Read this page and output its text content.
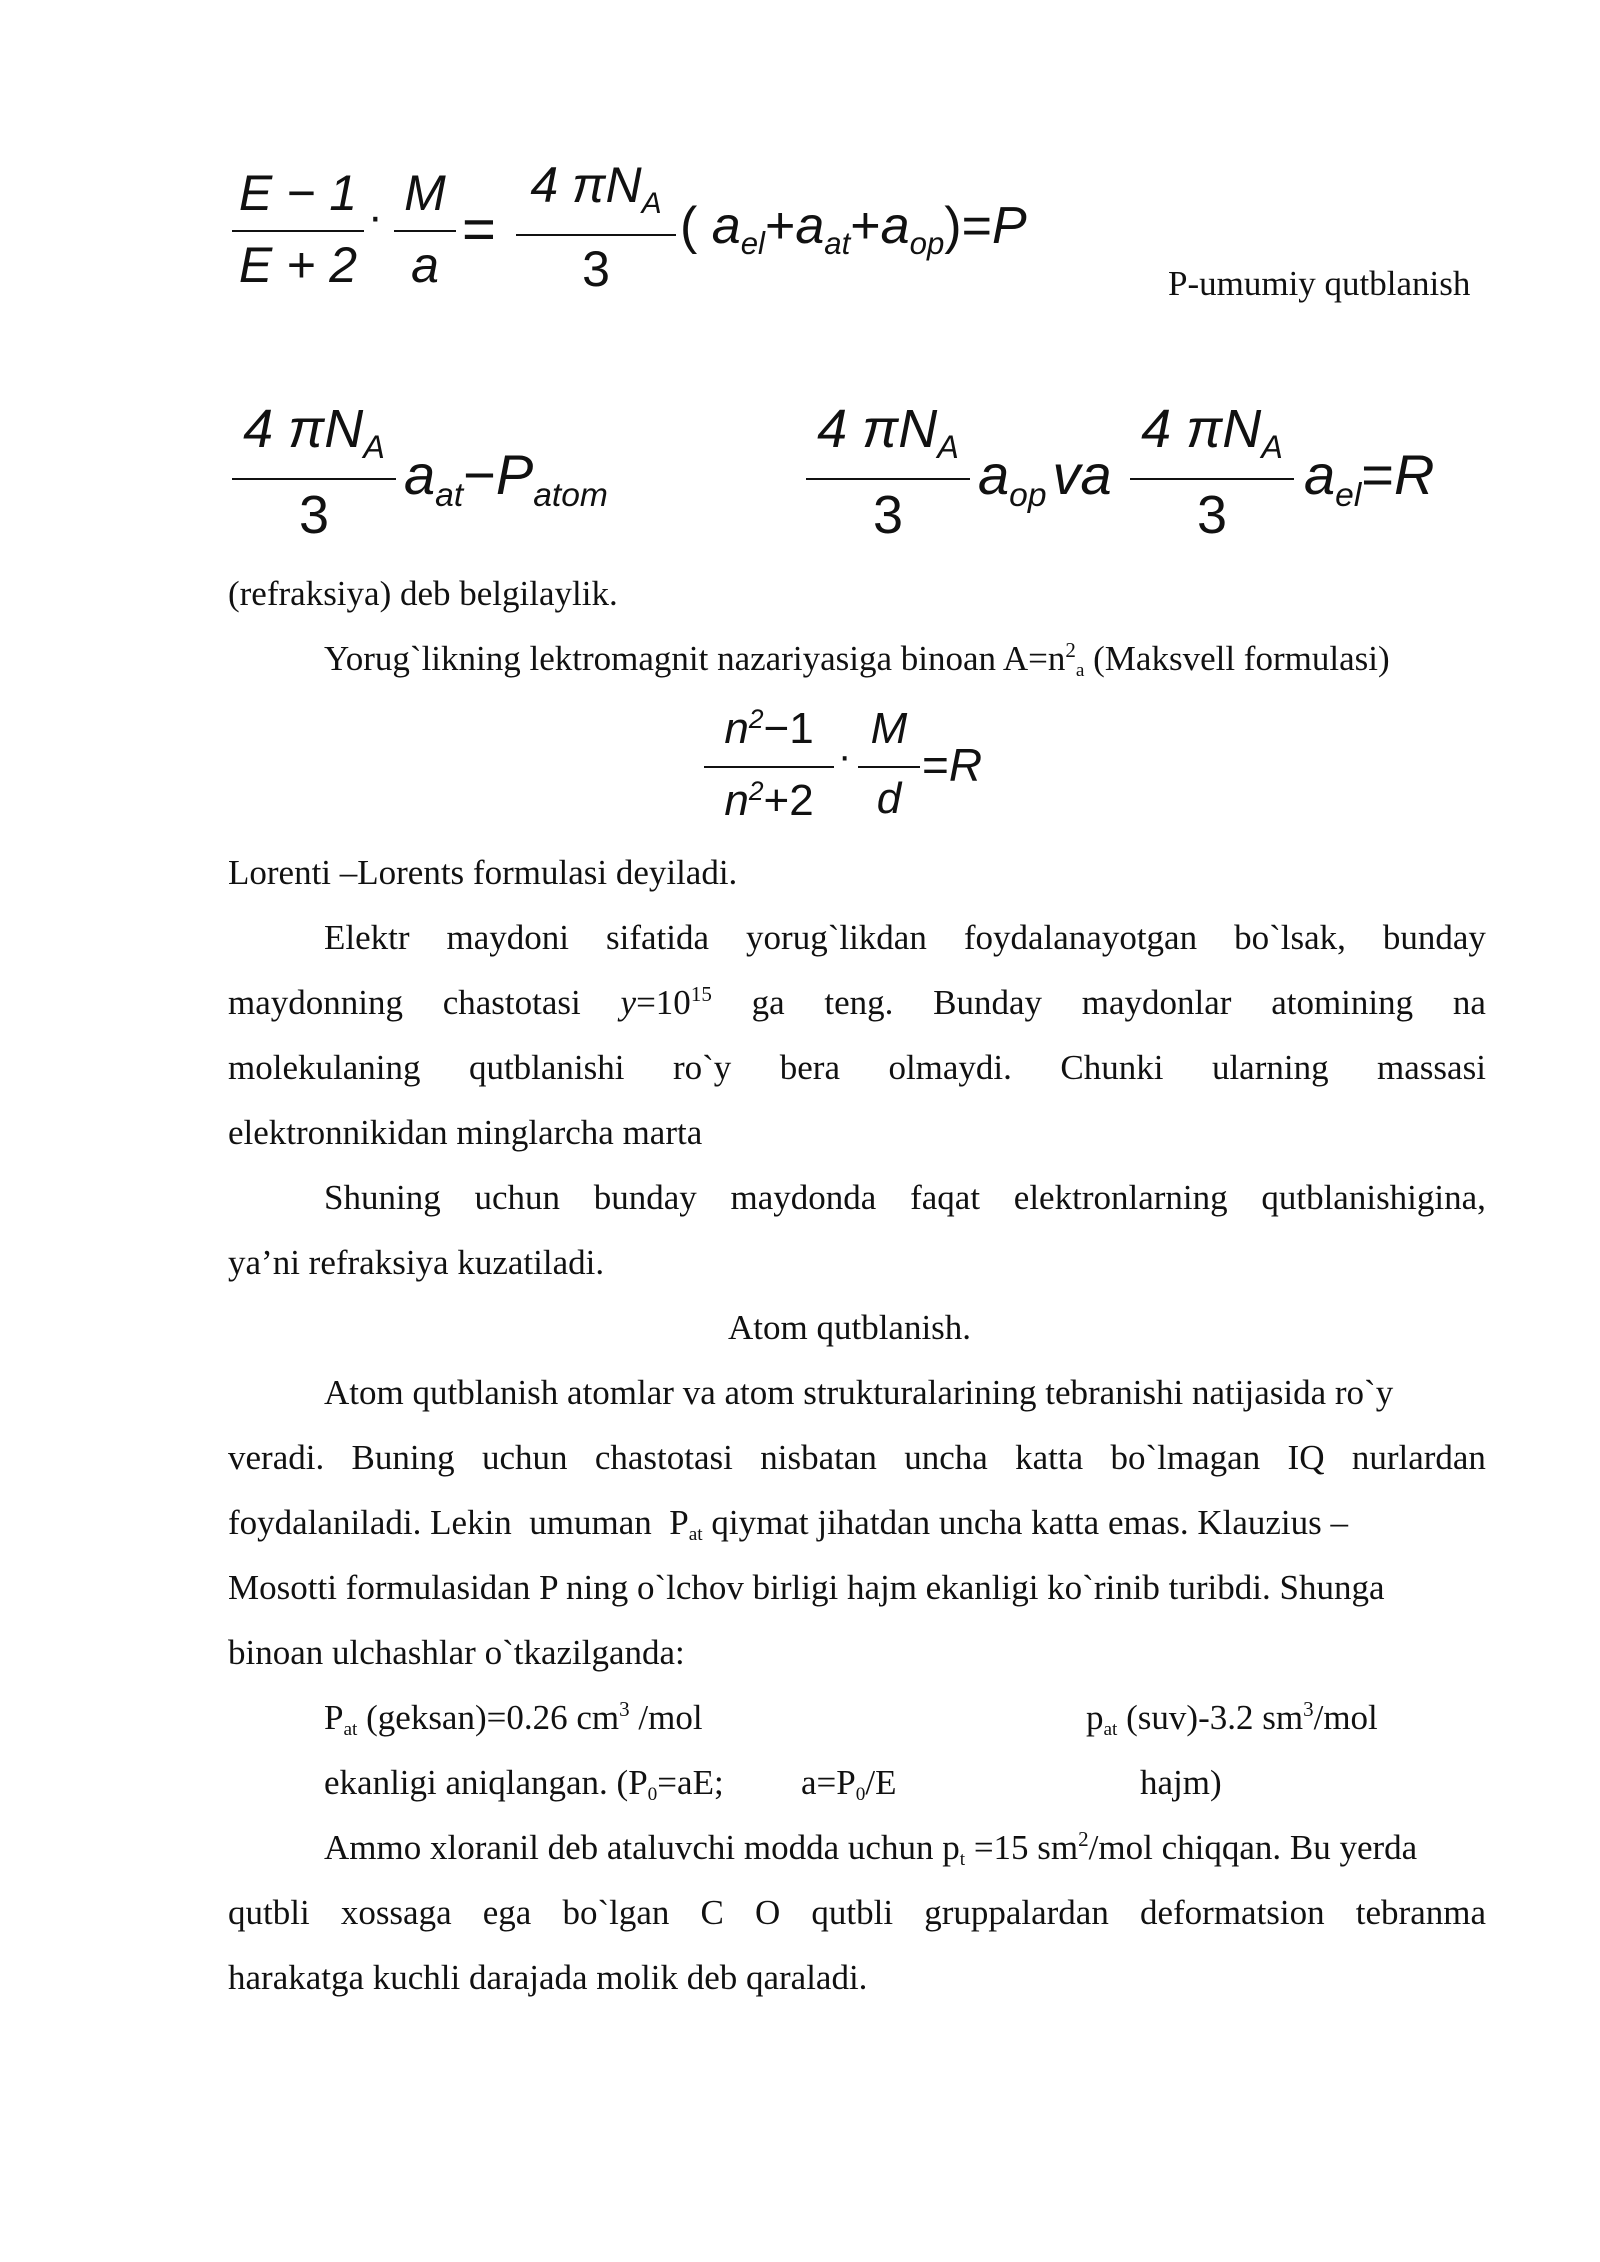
E − 1
E + 2
· M
a
=
4 $\pi N_A$
3
( $a_{el}+a_{at}+a_{op})=P$
P-umumiy qutblanish
4 $\pi N_A$
3
$a_{at}-P_{atom}$
4 $\pi N_A$
3
$a_{op}$ va
4 $\pi N_A$
3
$a_{el}=R$
(refraksiya) deb belgilaylik.
Yorug`likning lektromagnit nazariyasiga binoan $A=n^2a$ (Maksvell formulasi)
$n^2-1$
$n^2+2$
·
M
d
=R
Lorenti –Lorents formulasi deyiladi.
Elektr maydoni sifatida yorug`likdan foydalanayotgan bo`lsak, bunday
maydonning chastotasi $y=10^{15}$ ga teng. Bunday maydonlar atomining na
molekulaning qutblanishi ro`y bera olmaydi. Chunki ularning massasi
elektronnikidan minglarcha marta
Shuning uchun bunday maydonda faqat elektronlarning qutblanishigina,
ya’ni refraksiya kuzatiladi.
Atom qutblanish.
Atom qutblanish atomlar va atom strukturalarining tebranishi natijasida ro`y
veradi. Buning uchun chastotasi nisbatan uncha katta bo`lmagan IQ nurlardan
foydalaniladi. Lekin  umuman  Pat qiymat jihatdan uncha katta emas. Klauzius –
Mosotti formulasidan P ning o`lchov birligi hajm ekanligi ko`rinib turibdi. Shunga
binoan ulchashlar o`tkazilganda:
Pat (geksan)=0.26 $cm^3$ /mol	pat (suv)-3.2 $sm^3$/mol
ekanligi aniqlangan. (P0=aE; a=P0/E	hajm)
Ammo xloranil deb ataluvchi modda uchun pt =15 $sm^2$/mol chiqqan. Bu yerda
qutbli xossaga ega bo`lgan C O qutbli gruppalardan deformatsion tebranma
harakatga kuchli darajada molik deb qaraladi.
